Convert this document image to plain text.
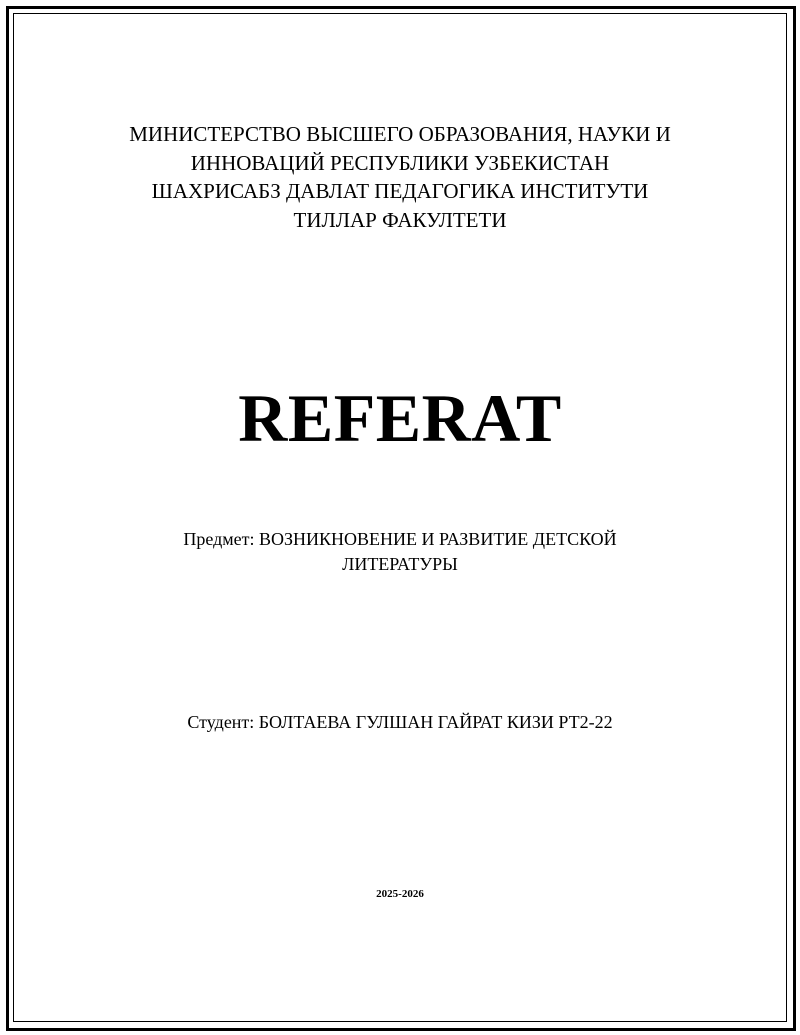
МИНИСТЕРСТВО ВЫСШЕГО ОБРАЗОВАНИЯ, НАУКИ И
ИННОВАЦИЙ РЕСПУБЛИКИ УЗБЕКИСТАН
ШАХРИСАБЗ ДАВЛАТ ПЕДАГОГИКА ИНСТИТУТИ
ТИЛЛАР ФАКУЛТЕТИ
REFERAT
Предмет: ВОЗНИКНОВЕНИЕ И РАЗВИТИЕ ДЕТСКОЙ
ЛИТЕРАТУРЫ
Студент: БОЛТАЕВА ГУЛШАН ГАЙРАТ КИЗИ РТ2-22
2025-2026
